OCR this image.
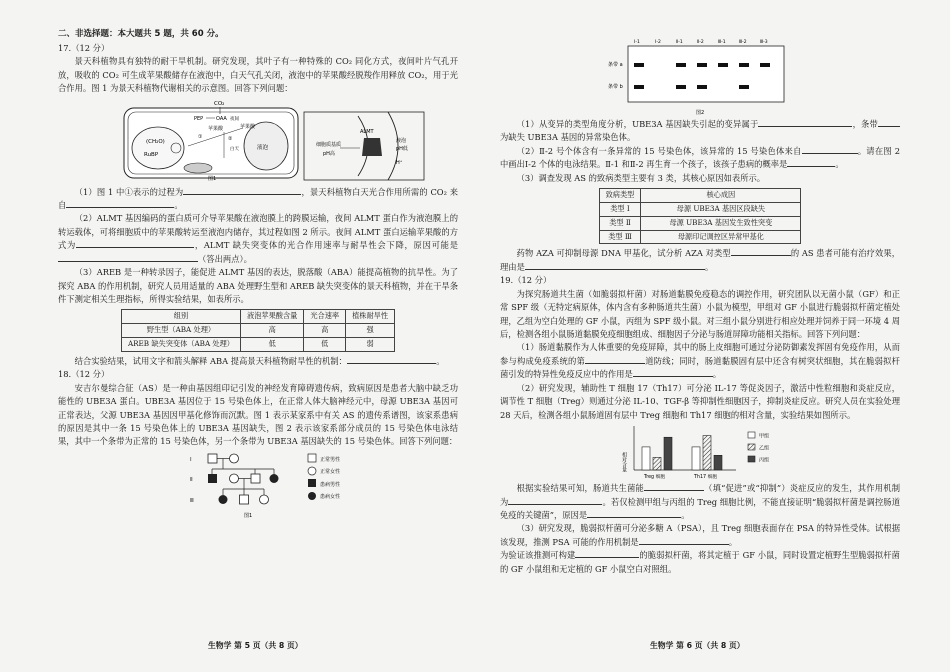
二、非选择题：本大题共 5 题，共 60 分。

17.（12 分）

景天科植物具有独特的耐干旱机制。研究发现，其叶子有一种特殊的 CO₂ 同化方式，夜间叶片气孔开放，吸收的 CO₂ 可生成苹果酸储存在液泡中，白天气孔关闭，液泡中的苹果酸经脱羧作用释放 CO₂，用于光合作用。图 1 为景天科植物代谢相关的示意图。回答下列问题：

(CH₂O)
RuBP
液泡
CO₂
PEP	OAA
苹果酸	苹果酸
①	②
夜间
白天
图1
细胞质基质
pH高
ALMT
液泡
pH低
H⁺

（1）图 1 中①表示的过程为	，景天科植物白天光合作用所需的 CO₂ 来自	。

（2）ALMT 基因编码的蛋白质可介导苹果酸在液泡膜上的跨膜运输，夜间 ALMT 蛋白作为液泡膜上的转运载体，可将细胞质中的苹果酸转运至液泡内储存，其过程如图 2 所示。夜间 ALMT 蛋白运输苹果酸的方式为	，ALMT 缺失突变体的光合作用速率与耐旱性会下降，原因可能是（答出两点）。

（3）AREB 是一种转录因子，能促进 ALMT 基因的表达，脱落酸（ABA）能提高植物的抗旱性。为了探究 ABA 的作用机制，研究人员用适量的 ABA 处理野生型和 AREB 缺失突变体的景天科植物，并在干旱条件下测定相关生理指标，所得实验结果，如表所示。

组别	液泡苹果酸含量	光合速率	植株耐旱性
野生型（ABA 处理）	高	高	强
AREB 缺失突变体（ABA 处理）	低	低	弱

结合实验结果，试用文字和箭头解释 ABA 提高景天科植物耐旱性的机制：	。

18.（12 分）

安吉尔曼综合征（AS）是一种由基因组印记引发的神经发育障碍遗传病，致病原因是患者大脑中缺乏功能性的 UBE3A 蛋白。UBE3A 基因位于 15 号染色体上，在正常人体大脑神经元中，母源 UBE3A 基因可正常表达，父源 UBE3A 基因因甲基化修饰而沉默。图 1 表示某家系中有关 AS 的遗传系谱图，该家系患病的原因是其中一条 15 号染色体上的 UBE3A 基因缺失，图 2 表示该家系部分成员的 15 号染色体电泳结果，其中一个条带为正常的 15 号染色体，另一个条带为 UBE3A 基因缺失的 15 号染色体。回答下列问题：

Ⅰ
Ⅱ
Ⅲ
正常男性
正常女性
患病男性
患病女性
图1
生物学 第 5 页（共 8 页）
条带 a
条带 b
图2
Ⅰ-1	Ⅰ-2	Ⅱ-1	Ⅱ-2	Ⅲ-1	Ⅲ-2	Ⅲ-3

（1）从变异的类型角度分析，UBE3A 基因缺失引起的变异属于	，条带为缺失 UBE3A 基因的异常染色体。

（2）Ⅱ-2 号个体含有一条异常的 15 号染色体，该异常的 15 号染色体来自	。请在图 2 中画出Ⅰ-2 个体的电泳结果。Ⅱ-1 和Ⅱ-2 再生育一个孩子，该孩子患病的概率是	。

（3）调查发现 AS 的致病类型主要有 3 类，其核心原因如表所示。

致病类型	核心成因
类型 Ⅰ	母源 UBE3A 基因区段缺失
类型 Ⅱ	母源 UBE3A 基因发生致性突变
类型 Ⅲ	母源印记调控区异常甲基化

药物 AZA 可抑制母源 DNA 甲基化，试分析 AZA 对类型	的 AS 患者可能有治疗效果，理由是	。

19.（12 分）

为探究肠道共生菌（如脆弱拟杆菌）对肠道黏膜免疫稳态的调控作用，研究团队以无菌小鼠（GF）和正常 SPF 级（无特定病原体，体内含有多种肠道共生菌）小鼠为模型，甲组对 GF 小鼠进行脆弱拟杆菌定植处理，乙组为空白处理的 GF 小鼠，丙组为 SPF 级小鼠。对三组小鼠分别进行相应处理并饲养于同一环境 4 周后，检测各组小鼠肠道黏膜免疫细胞组成、细胞因子分泌与肠道屏障功能相关指标。回答下列问题：

（1）肠道黏膜作为人体重要的免疫屏障，其中的肠上皮细胞可通过分泌防御素发挥固有免疫作用，从而参与构成免疫系统的第	道防线；同时，肠道黏膜固有层中还含有树突状细胞，其在脆弱拟杆菌引发的特异性免疫反应中的作用是	。

（2）研究发现，辅助性 T 细胞 17（Th17）可分泌 IL-17 等促炎因子，激活中性粒细胞和炎症反应，调节性 T 细胞（Treg）则通过分泌 IL-10、TGF-β 等抑制性细胞因子，抑制炎症反应。研究人员在实验处理 28 天后，检测各组小鼠肠道固有层中 Treg 细胞和 Th17 细胞的相对含量，实验结果如图所示。

相对含量
Treg 细胞	Th17 细胞
甲组
乙组
丙组

根据实验结果可知，肠道共生菌能	（填“促进”或“抑制”）炎症反应的发生，其作用机制为	。若仅检测甲组与丙组的 Treg 细胞比例，不能直接证明“脆弱拟杆菌是调控肠道免疫的关键菌”，原因是	。

（3）研究发现，脆弱拟杆菌可分泌多糖 A（PSA），且 Treg 细胞表面存在 PSA 的特异性受体。试根据该发现，推测 PSA 可能的作用机制是	。

为验证该推测可构建	的脆弱拟杆菌，将其定植于 GF 小鼠，同时设置定植野生型脆弱拟杆菌的 GF 小鼠组和无定植的 GF 小鼠空白对照组。

生物学 第 6 页（共 8 页）
